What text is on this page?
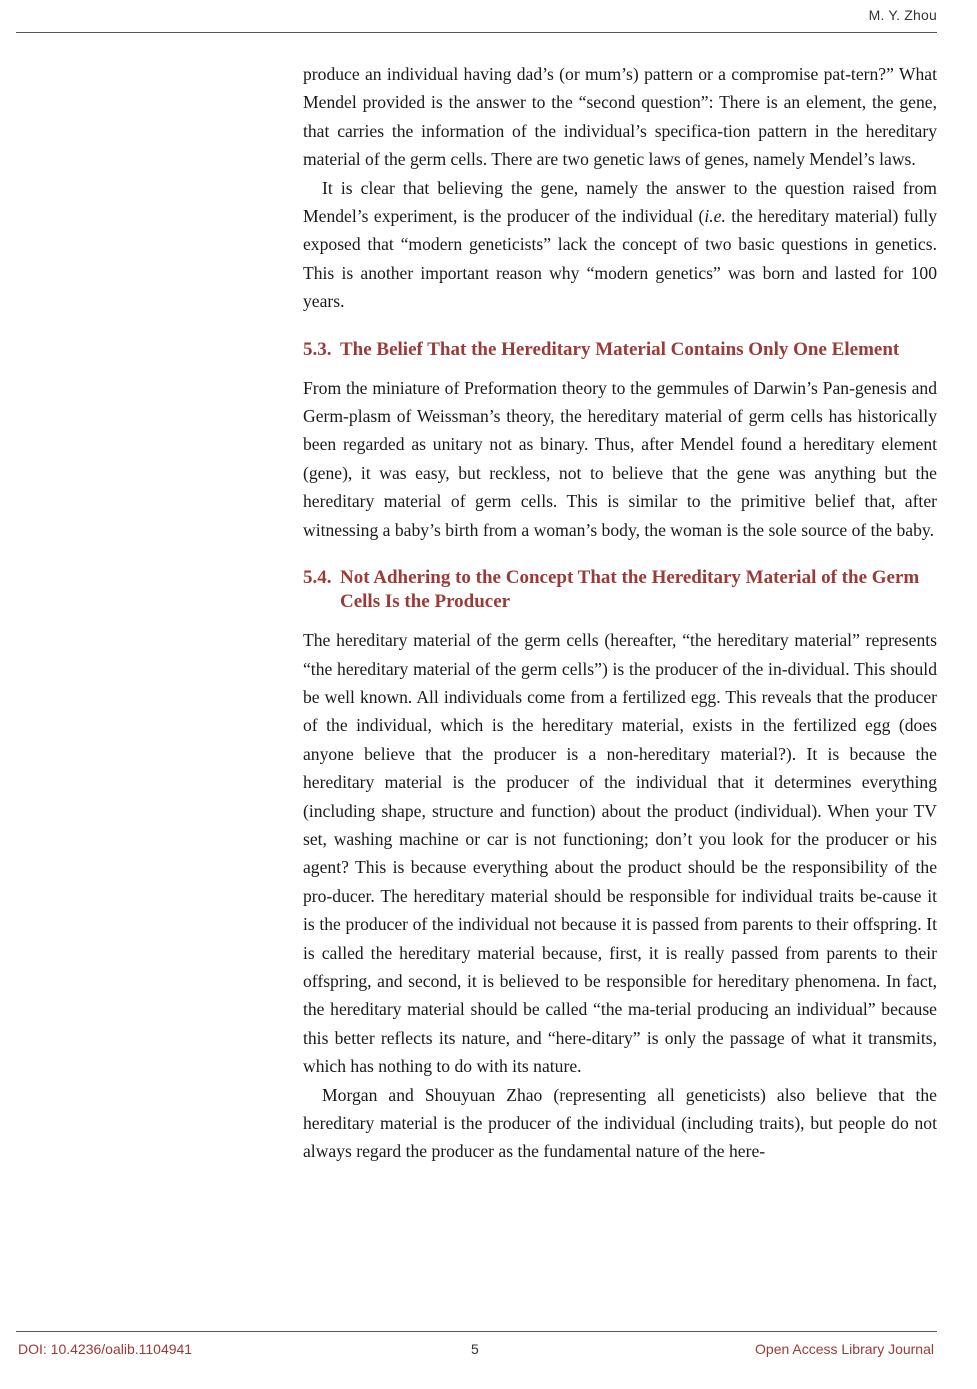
M. Y. Zhou

produce an individual having dad’s (or mum’s) pattern or a compromise pat-tern?” What Mendel provided is the answer to the “second question”: There is an element, the gene, that carries the information of the individual’s specifica-tion pattern in the hereditary material of the germ cells. There are two genetic laws of genes, namely Mendel’s laws.

It is clear that believing the gene, namely the answer to the question raised from Mendel’s experiment, is the producer of the individual (i.e. the hereditary material) fully exposed that “modern geneticists” lack the concept of two basic questions in genetics. This is another important reason why “modern genetics” was born and lasted for 100 years.

5.3. The Belief That the Hereditary Material Contains Only One Element

From the miniature of Preformation theory to the gemmules of Darwin’s Pan-genesis and Germ-plasm of Weissman’s theory, the hereditary material of germ cells has historically been regarded as unitary not as binary. Thus, after Mendel found a hereditary element (gene), it was easy, but reckless, not to believe that the gene was anything but the hereditary material of germ cells. This is similar to the primitive belief that, after witnessing a baby’s birth from a woman’s body, the woman is the sole source of the baby.

5.4. Not Adhering to the Concept That the Hereditary Material of the Germ Cells Is the Producer

The hereditary material of the germ cells (hereafter, “the hereditary material” represents “the hereditary material of the germ cells”) is the producer of the in-dividual. This should be well known. All individuals come from a fertilized egg. This reveals that the producer of the individual, which is the hereditary material, exists in the fertilized egg (does anyone believe that the producer is a non-hereditary material?). It is because the hereditary material is the producer of the individual that it determines everything (including shape, structure and function) about the product (individual). When your TV set, washing machine or car is not functioning; don’t you look for the producer or his agent? This is because everything about the product should be the responsibility of the pro-ducer. The hereditary material should be responsible for individual traits be-cause it is the producer of the individual not because it is passed from parents to their offspring. It is called the hereditary material because, first, it is really passed from parents to their offspring, and second, it is believed to be responsible for hereditary phenomena. In fact, the hereditary material should be called “the ma-terial producing an individual” because this better reflects its nature, and “here-ditary” is only the passage of what it transmits, which has nothing to do with its nature.

Morgan and Shouyuan Zhao (representing all geneticists) also believe that the hereditary material is the producer of the individual (including traits), but people do not always regard the producer as the fundamental nature of the here-

DOI: 10.4236/oalib.1104941	5	Open Access Library Journal
